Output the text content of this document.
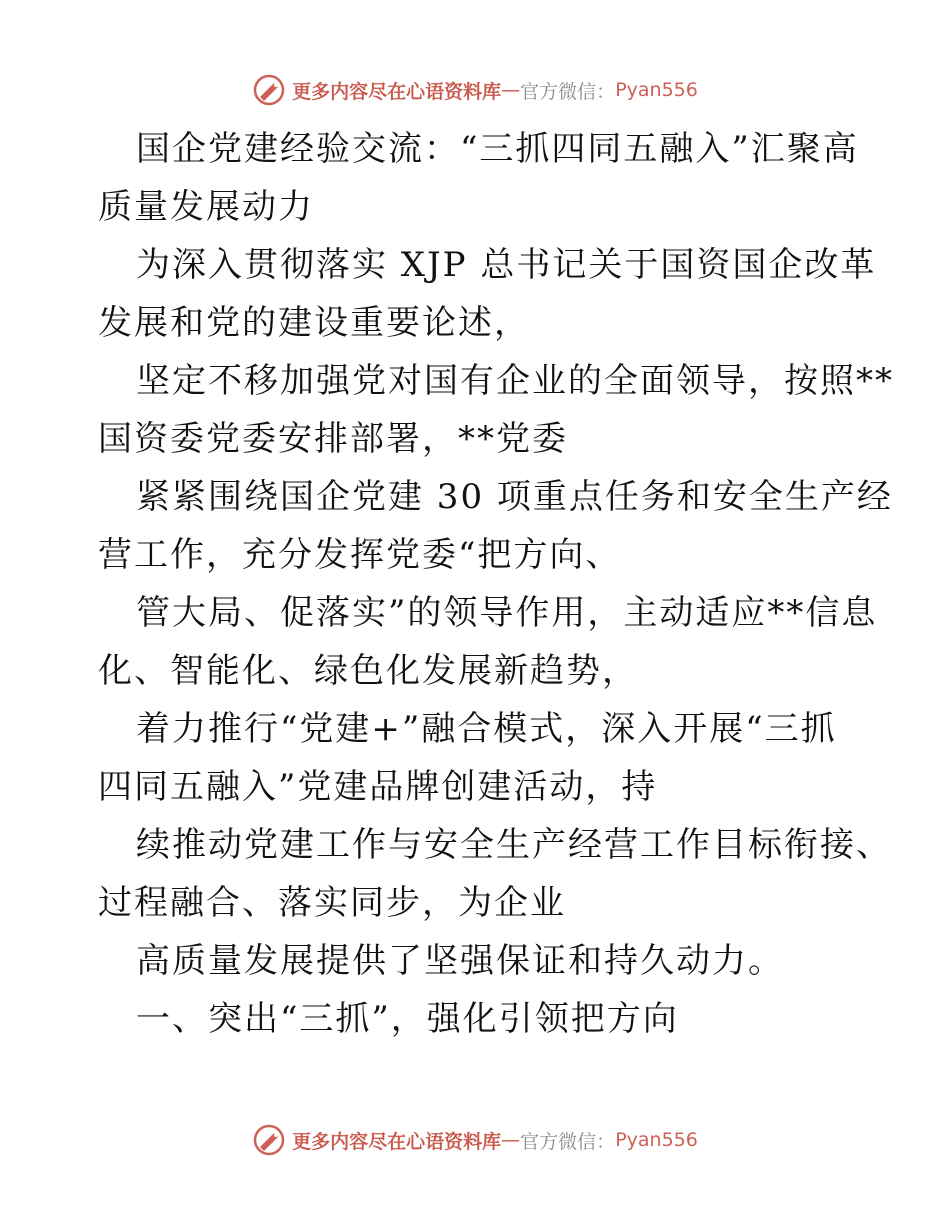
更多内容尽在心语资料库 — 官方微信： Pyan556
国企党建经验交流：“三抓四同五融入”汇聚高
质量发展动力
为深入贯彻落实 XJP 总书记关于国资国企改革
发展和党的建设重要论述，
坚定不移加强党对国有企业的全面领导，按照**
国资委党委安排部署，**党委
紧紧围绕国企党建 30 项重点任务和安全生产经
营工作，充分发挥党委“把方向、
管大局、促落实”的领导作用，主动适应**信息
化、智能化、绿色化发展新趋势，
着力推行“党建+”融合模式，深入开展“三抓
四同五融入”党建品牌创建活动，持
续推动党建工作与安全生产经营工作目标衔接、
过程融合、落实同步，为企业
高质量发展提供了坚强保证和持久动力。
一、突出“三抓”，强化引领把方向
更多内容尽在心语资料库 — 官方微信： Pyan556
